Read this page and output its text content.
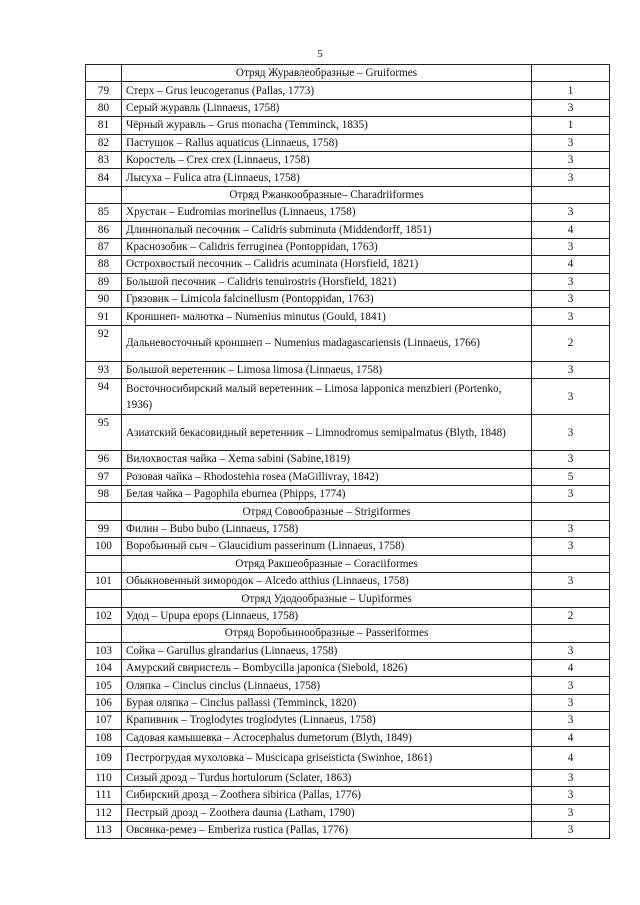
5
	Отряд Журавлеобразные – Gruiformes	
79	Стерх – Grus leucogeranus (Pallas, 1773)	1
80	Серый журавль (Linnaeus, 1758)	3
81	Чёрный журавль – Grus monacha (Temminck, 1835)	1
82	Пастушок – Rallus aquaticus (Linnaeus, 1758)	3
83	Коростель – Crex crex (Linnaeus, 1758)	3
84	Лысуха – Fulica atra (Linnaeus, 1758)	3
	Отряд Ржанкообразные– Charadriiformes	
85	Хрустан – Eudromias morinellus (Linnaeus, 1758)	3
86	Длиннопалый песочник – Calidris subminuta (Middendorff, 1851)	4
87	Краснозобик – Calidris ferruginea (Pontoppidan, 1763)	3
88	Острохвостый песочник – Calidris acuminata (Horsfield, 1821)	4
89	Большой песочник – Calidris tenuirostris (Horsfield, 1821)	3
90	Грязовик – Limicola falcinellusm (Pontoppidan, 1763)	3
91	Кроншнеп- малютка – Numenius minutus (Gould, 1841)	3
92	Дальневосточный кроншнеп – Numenius madagascariensis (Linnaeus, 1766)	2
93	Большой веретенник – Limosa limosa (Linnaeus, 1758)	3
94	Восточносибирский малый веретенник – Limosa lapponica menzbieri (Portenko, 1936)	3
95	Азиатский бекасовидный веретенник – Limnodromus semipalmatus (Blyth, 1848)	3
96	Вилохвостая чайка – Xema sabini (Sabine,1819)	3
97	Розовая чайка – Rhodostehia rosea (MaGillivray, 1842)	5
98	Белая чайка – Pagophila eburnea (Phipps, 1774)	3
	Отряд Совообразные – Strigiformes	
99	Филин – Bubo bubo (Linnaeus, 1758)	3
100	Воробьиный сыч – Glaucidium passerinum (Linnaeus, 1758)	3
	Отряд Ракшеобразные – Coraciiformes	
101	Обыкновенный зимородок – Alcedo atthius (Linnaeus, 1758)	3
	Отряд Удодообразные – Uupiformes	
102	Удод – Upupa epops (Linnaeus, 1758)	2
	Отряд Воробьинообразные – Passeriformes	
103	Сойка – Garullus glrandarius (Linnaeus, 1758)	3
104	Амурский свиристель – Bombycilla japonica (Siebold, 1826)	4
105	Оляпка – Cinclus cinclus (Linnaeus, 1758)	3
106	Бурая оляпка – Cinclus pallassi (Temminck, 1820)	3
107	Крапивник – Troglodytes troglodytes (Linnaeus, 1758)	3
108	Садовая камышевка – Acrocephalus dumetorum (Blyth, 1849)	4
109	Пестрогрудая мухоловка – Muscicapa griseisticta (Swinhoe, 1861)	4
110	Сизый дрозд – Turdus hortulorum (Sclater, 1863)	3
111	Сибирский дрозд – Zoothera sibirica (Pallas, 1776)	3
112	Пестрый дрозд – Zoothera dauma (Latham, 1790)	3
113	Овсянка-ремез – Emberiza rustica (Pallas, 1776)	3
